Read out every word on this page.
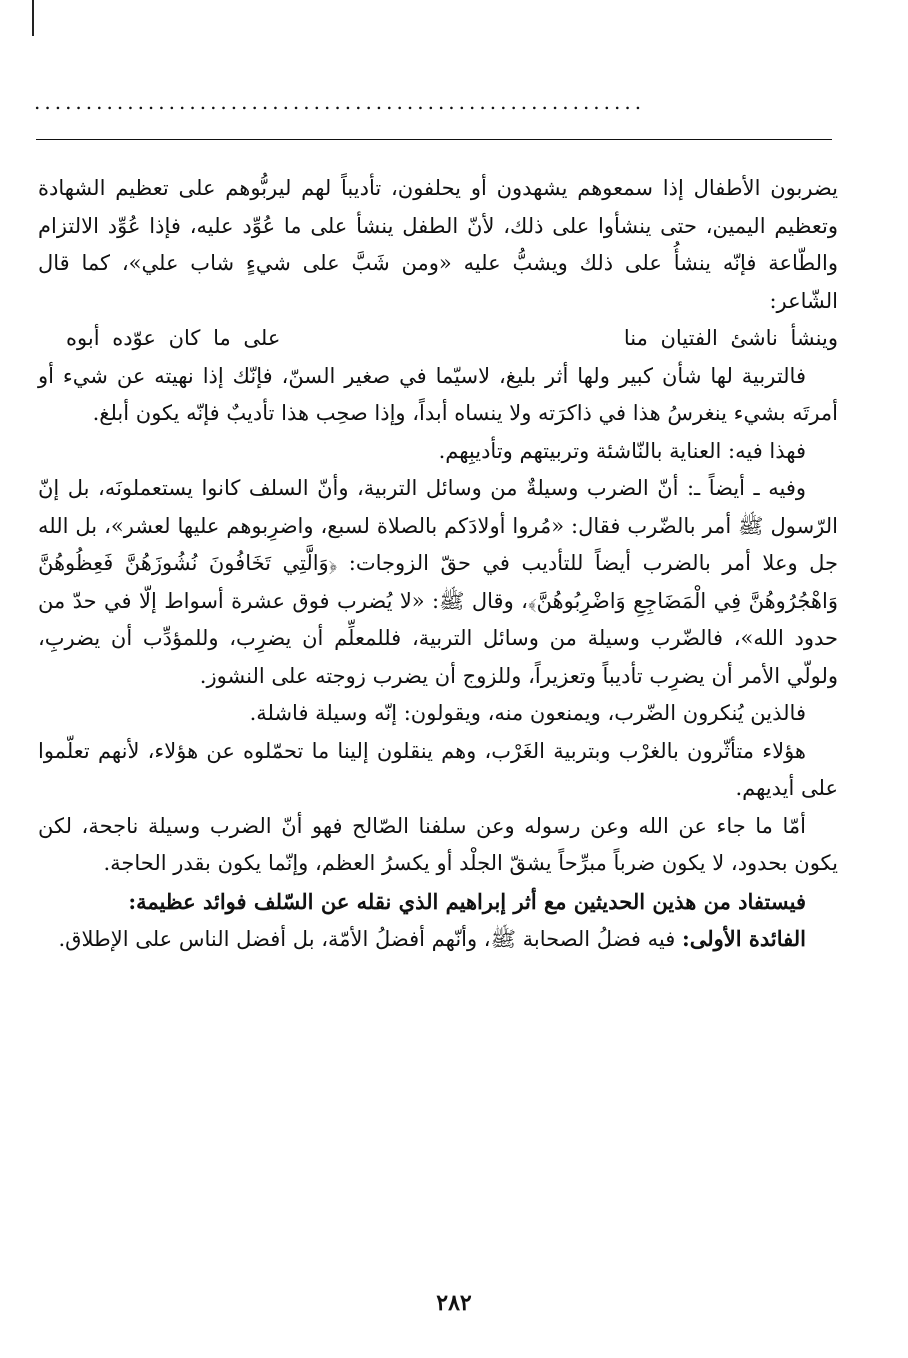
...........................................................

يضربون الأطفال إذا سمعوهم يشهدون أو يحلفون، تأديباً لهم ليربُّوهم على تعظيم الشهادة وتعظيم اليمين، حتى ينشأوا على ذلك، لأنّ الطفل ينشأ على ما عُوِّد عليه، فإذا عُوِّد الالتزام والطّاعة فإنّه ينشأُ على ذلك ويشبُّ عليه «ومن شَبَّ على شيءٍ شاب علي»، كما قال الشّاعر:

وينشأ ناشئ الفتيان منا
على ما كان عوّده أبوه

فالتربية لها شأن كبير ولها أثر بليغ، لاسيّما في صغير السنّ، فإنّك إذا نهيته عن شيء أو أمرتَه بشيء ينغرسُ هذا في ذاكرَته ولا ينساه أبداً، وإذا صحِب هذا تأديبٌ فإنّه يكون أبلغ.

فهذا فيه: العناية بالنّاشئة وتربيتهم وتأديبِهم.

وفيه ـ أيضاً ـ: أنّ الضرب وسيلةٌ من وسائل التربية، وأنّ السلف كانوا يستعملونَه، بل إنّ الرّسول ﷺ أمر بالضّرب فقال: «مُروا أولادَكم بالصلاة لسبع، واضرِبوهم عليها لعشر»، بل الله جل وعلا أمر بالضرب أيضاً للتأديب في حقّ الزوجات: ﴿وَالَّتِي تَخَافُونَ نُشُوزَهُنَّ فَعِظُوهُنَّ وَاهْجُرُوهُنَّ فِي الْمَضَاجِعِ وَاضْرِبُوهُنَّ﴾، وقال ﷺ: «لا يُضرب فوق عشرة أسواط إلّا في حدّ من حدود الله»، فالضّرب وسيلة من وسائل التربية، فللمعلِّم أن يضرِب، وللمؤدِّب أن يضربِ، ولولّي الأمر أن يضرِب تأديباً وتعزيراً، وللزوج أن يضرب زوجته على النشوز.

فالذين يُنكرون الضّرب، ويمنعون منه، ويقولون: إنّه وسيلة فاشلة.

هؤلاء متأثّرون بالغرْب وبتربية الغَرْب، وهم ينقلون إلينا ما تحمّلوه عن هؤلاء، لأنهم تعلّموا على أيديهم.

أمّا ما جاء عن الله وعن رسوله وعن سلفنا الصّالح فهو أنّ الضرب وسيلة ناجحة، لكن يكون بحدود، لا يكون ضرباً مبرِّحاً يشقّ الجلْد أو يكسرُ العظم، وإنّما يكون بقدر الحاجة.

فيستفاد من هذين الحديثين مع أثر إبراهيم الذي نقله عن السّلف فوائد عظيمة:

الفائدة الأولى: فيه فضلُ الصحابة ﷺ، وأنّهم أفضلُ الأمّة، بل أفضل الناس على الإطلاق.

٢٨٢
